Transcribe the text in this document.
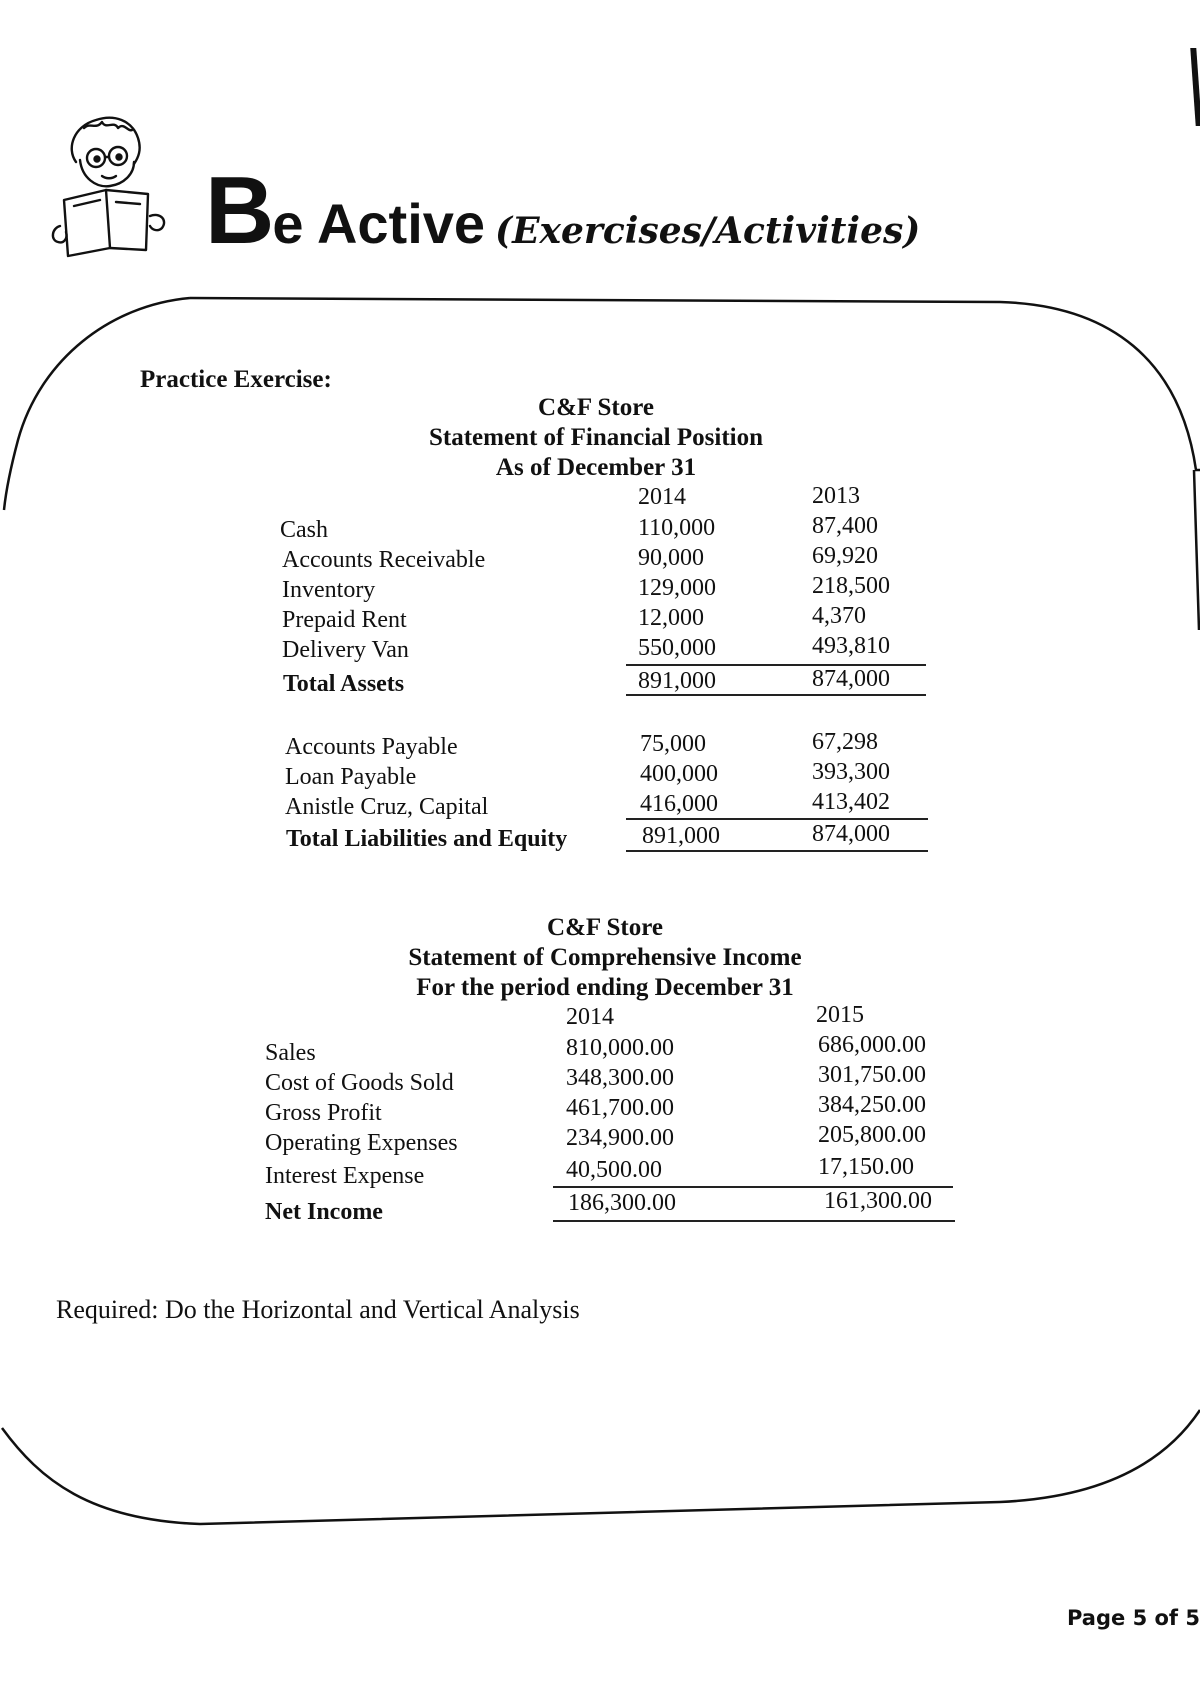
Be Active (Exercises/Activities)
Practice Exercise:
C&F Store
Statement of Financial Position
As of December 31
2014	2013
Cash	110,000	87,400
Accounts Receivable	90,000	69,920
Inventory	129,000	218,500
Prepaid Rent	12,000	4,370
Delivery Van	550,000	493,810
Total Assets	891,000	874,000
Accounts Payable	75,000	67,298
Loan Payable	400,000	393,300
Anistle Cruz, Capital	416,000	413,402
Total Liabilities and Equity	891,000	874,000
C&F Store
Statement of Comprehensive Income
For the period ending December 31
2014	2015
Sales	810,000.00	686,000.00
Cost of Goods Sold	348,300.00	301,750.00
Gross Profit	461,700.00	384,250.00
Operating Expenses	234,900.00	205,800.00
Interest Expense	40,500.00	17,150.00
Net Income	186,300.00	161,300.00
Required: Do the Horizontal and Vertical Analysis
Page 5 of 5
